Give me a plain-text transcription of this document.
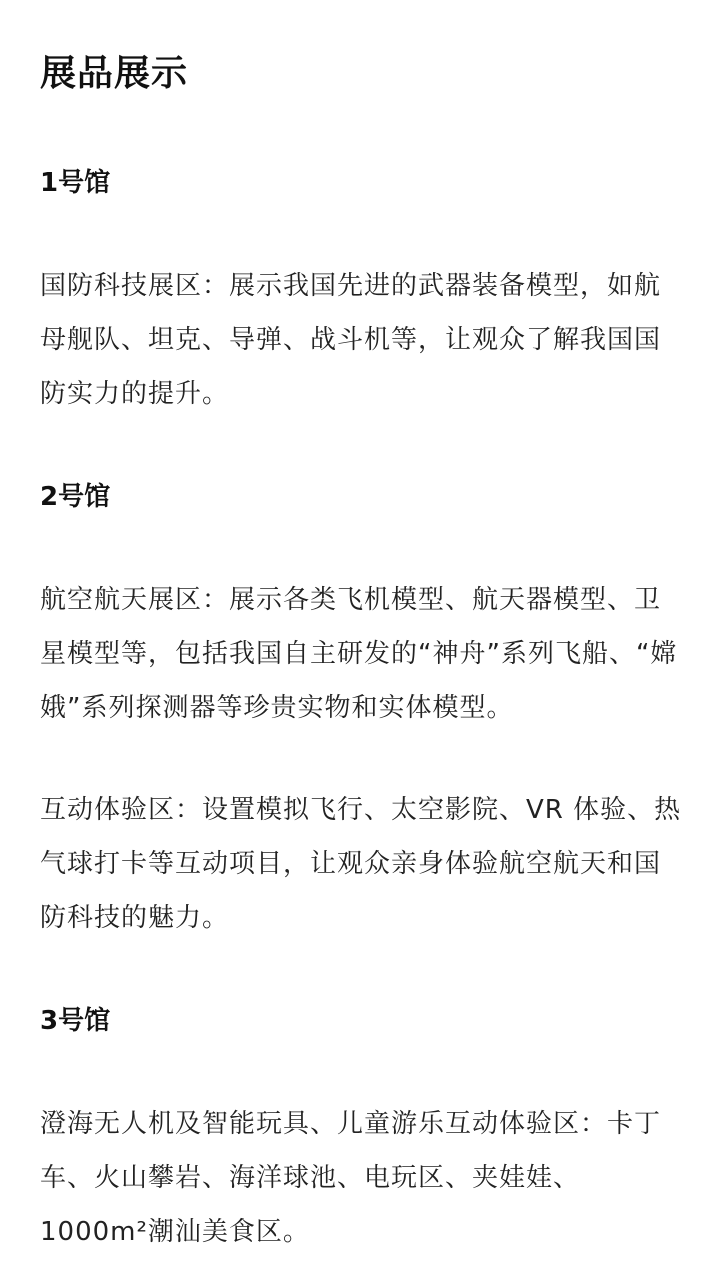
展品展示
1号馆

国防科技展区：展示我国先进的武器装备模型，如航母舰队、坦克、导弹、战斗机等，让观众了解我国国防实力的提升。

2号馆

航空航天展区：展示各类飞机模型、航天器模型、卫星模型等，包括我国自主研发的“神舟”系列飞船、“嫦娥”系列探测器等珍贵实物和实体模型。

互动体验区：设置模拟飞行、太空影院、VR 体验、热气球打卡等互动项目，让观众亲身体验航空航天和国防科技的魅力。

3号馆

澄海无人机及智能玩具、儿童游乐互动体验区：卡丁车、火山攀岩、海洋球池、电玩区、夹娃娃、1000m²潮汕美食区。
